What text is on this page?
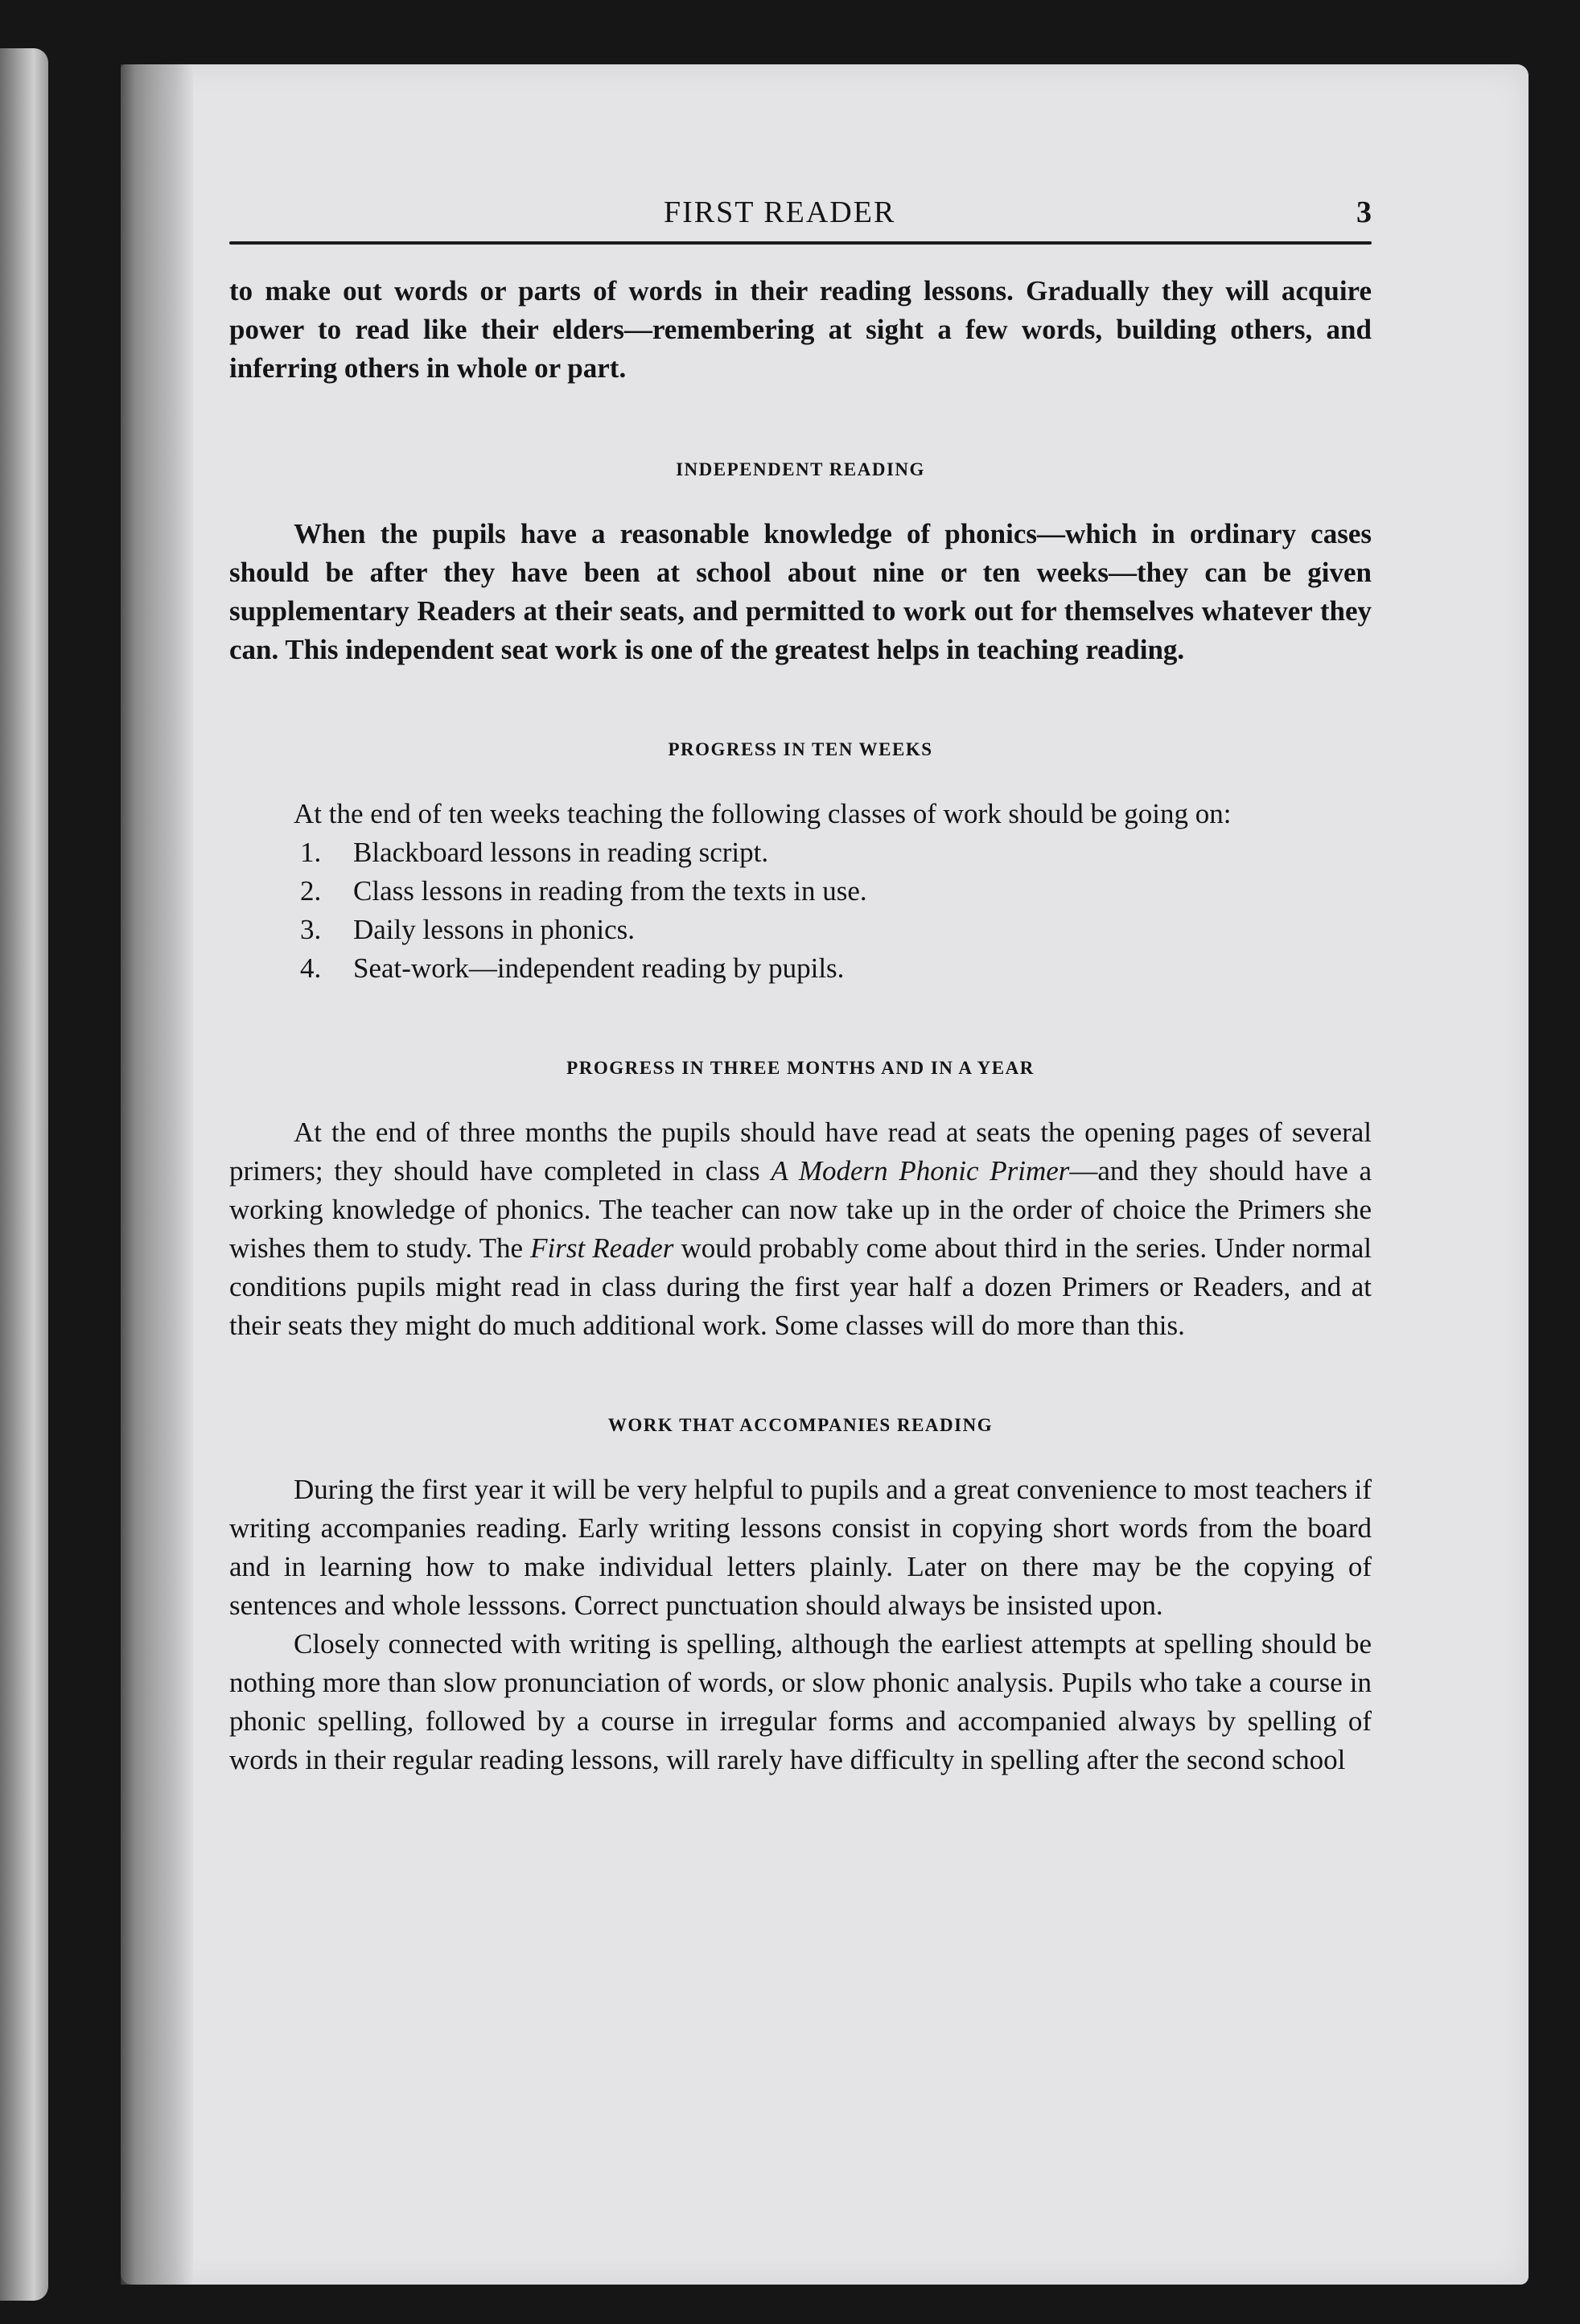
FIRST READER	3

to make out words or parts of words in their reading lessons. Gradually they will acquire power to read like their elders—remembering at sight a few words, building others, and inferring others in whole or part.

INDEPENDENT READING

When the pupils have a reasonable knowledge of phonics—which in ordinary cases should be after they have been at school about nine or ten weeks—they can be given supplementary Readers at their seats, and permitted to work out for themselves whatever they can. This independent seat work is one of the greatest helps in teaching reading.

PROGRESS IN TEN WEEKS

At the end of ten weeks teaching the following classes of work should be going on:

1.	Blackboard lessons in reading script.
2.	Class lessons in reading from the texts in use.
3.	Daily lessons in phonics.
4.	Seat-work—independent reading by pupils.

PROGRESS IN THREE MONTHS AND IN A YEAR

At the end of three months the pupils should have read at seats the opening pages of several primers; they should have completed in class A Modern Phonic Primer—and they should have a working knowledge of phonics. The teacher can now take up in the order of choice the Primers she wishes them to study. The First Reader would probably come about third in the series. Under normal conditions pupils might read in class during the first year half a dozen Primers or Readers, and at their seats they might do much additional work. Some classes will do more than this.

WORK THAT ACCOMPANIES READING

During the first year it will be very helpful to pupils and a great convenience to most teachers if writing accompanies reading. Early writing lessons consist in copying short words from the board and in learning how to make individual letters plainly. Later on there may be the copying of sentences and whole lesssons. Correct punctuation should always be insisted upon.

Closely connected with writing is spelling, although the earliest attempts at spelling should be nothing more than slow pronunciation of words, or slow phonic analysis. Pupils who take a course in phonic spelling, followed by a course in irregular forms and accompanied always by spelling of words in their regular reading lessons, will rarely have difficulty in spelling after the second school
